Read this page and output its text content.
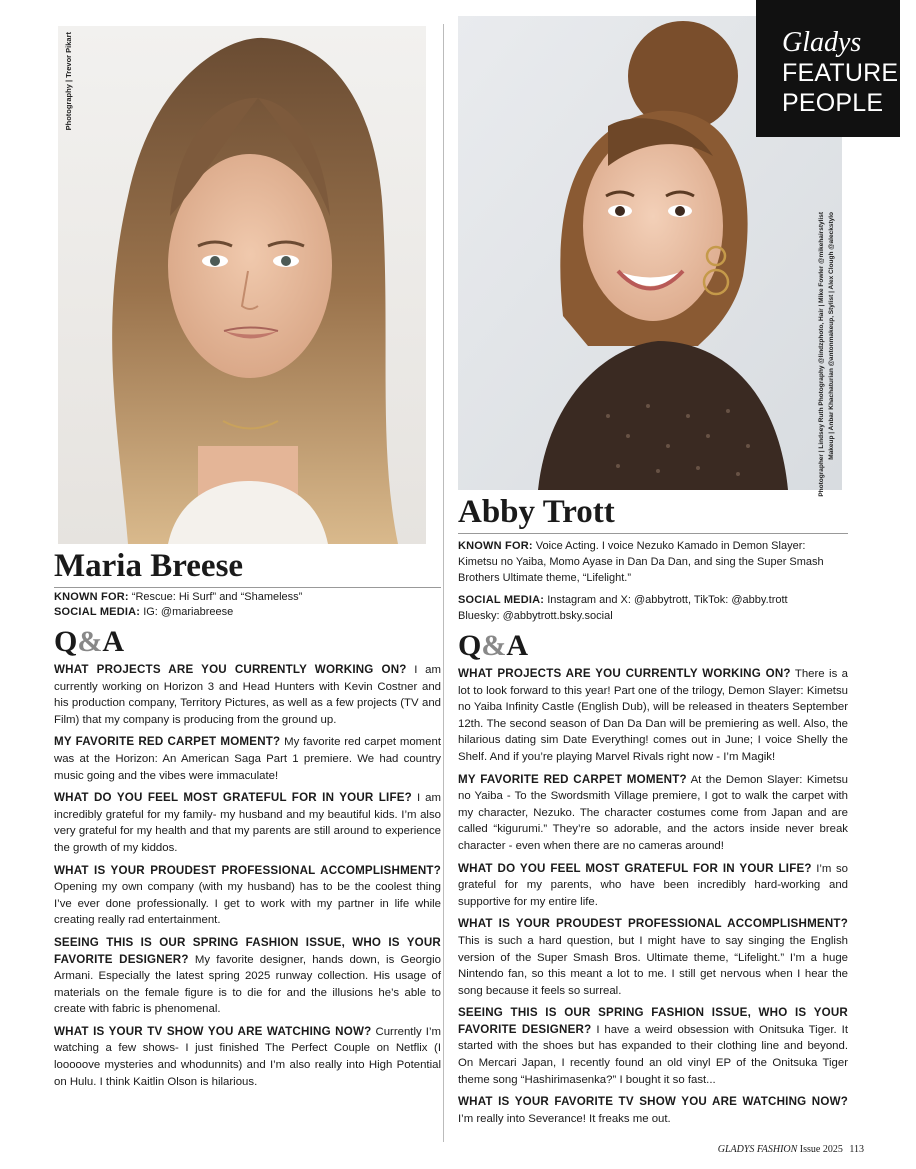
Photography | Trevor Pikart
Photographer | Lindsey Ruth Photography @lindzphoto, Hair | Mike Fowler @mikehairstylist Makeup | Anbar Khachaturian @antonmakeup, Stylist | Alex Clough @aleckstylo
Gladys
FEATURED
PEOPLE
Maria Breese

KNOWN FOR: “Rescue: Hi Surf” and “Shameless”

SOCIAL MEDIA: IG: @mariabreese

Q&A

WHAT PROJECTS ARE YOU CURRENTLY WORKING ON? I am currently working on Horizon 3 and Head Hunters with Kevin Costner and his production company, Territory Pictures, as well as a few projects (TV and Film) that my company is producing from the ground up.

MY FAVORITE RED CARPET MOMENT? My favorite red carpet moment was at the Horizon: An American Saga Part 1 premiere. We had country music going and the vibes were immaculate!

WHAT DO YOU FEEL MOST GRATEFUL FOR IN YOUR LIFE? I am incredibly grateful for my family- my husband and my beautiful kids. I’m also very grateful for my health and that my parents are still around to experience the growth of my kiddos.

WHAT IS YOUR PROUDEST PROFESSIONAL ACCOMPLISHMENT? Opening my own company (with my husband) has to be the coolest thing I’ve ever done professionally. I get to work with my partner in life while creating really rad entertainment.

SEEING THIS IS OUR SPRING FASHION ISSUE, WHO IS YOUR FAVORITE DESIGNER? My favorite designer, hands down, is Georgio Armani. Especially the latest spring 2025 runway collection. His usage of materials on the female figure is to die for and the illusions he’s able to create with fabric is phenomenal.

WHAT IS YOUR TV SHOW YOU ARE WATCHING NOW? Currently I’m watching a few shows- I just finished The Perfect Couple on Netflix (I looooove mysteries and whodunnits) and I’m also really into High Potential on Hulu. I think Kaitlin Olson is hilarious.

Abby Trott

KNOWN FOR: Voice Acting. I voice Nezuko Kamado in Demon Slayer: Kimetsu no Yaiba, Momo Ayase in Dan Da Dan, and sing the Super Smash Brothers Ultimate theme, “Lifelight.”

SOCIAL MEDIA: Instagram and X: @abbytrott, TikTok: @abby.trott
Bluesky: @abbytrott.bsky.social

Q&A

WHAT PROJECTS ARE YOU CURRENTLY WORKING ON? There is a lot to look forward to this year! Part one of the trilogy, Demon Slayer: Kimetsu no Yaiba Infinity Castle (English Dub), will be released in theaters September 12th. The second season of Dan Da Dan will be premiering as well. Also, the hilarious dating sim Date Everything! comes out in June; I voice Shelly the Shelf. And if you’re playing Marvel Rivals right now - I’m Magik!

MY FAVORITE RED CARPET MOMENT? At the Demon Slayer: Kimetsu no Yaiba - To the Swordsmith Village premiere, I got to walk the carpet with my character, Nezuko. The character costumes come from Japan and are called “kigurumi.” They’re so adorable, and the actors inside never break character - even when there are no cameras around!

WHAT DO YOU FEEL MOST GRATEFUL FOR IN YOUR LIFE? I’m so grateful for my parents, who have been incredibly hard-working and supportive for my entire life.

WHAT IS YOUR PROUDEST PROFESSIONAL ACCOMPLISHMENT? This is such a hard question, but I might have to say singing the English version of the Super Smash Bros. Ultimate theme, “Lifelight.” I’m a huge Nintendo fan, so this meant a lot to me. I still get nervous when I hear the song because it feels so surreal.

SEEING THIS IS OUR SPRING FASHION ISSUE, WHO IS YOUR FAVORITE DESIGNER? I have a weird obsession with Onitsuka Tiger. It started with the shoes but has expanded to their clothing line and beyond. On Mercari Japan, I recently found an old vinyl EP of the Onitsuka Tiger theme song “Hashirimasenka?” I bought it so fast...

WHAT IS YOUR FAVORITE TV SHOW YOU ARE WATCHING NOW? I’m really into Severance! It freaks me out.

GLADYS FASHION Issue 2025 113
